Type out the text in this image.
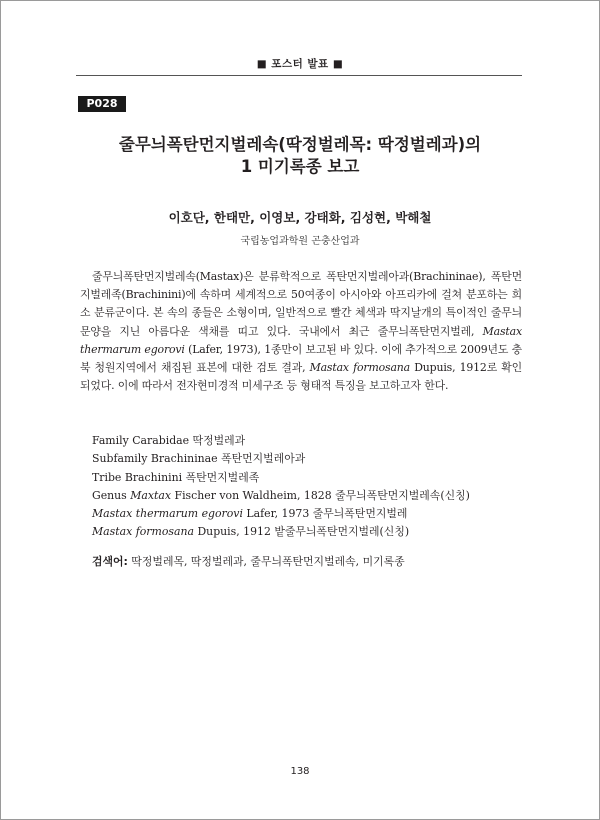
■ 포스터 발표 ■
P028
줄무늬폭탄먼지벌레속(딱정벌레목: 딱정벌레과)의
1 미기록종 보고
이호단, 한태만, 이영보, 강태화, 김성현, 박해철
국립농업과학원 곤충산업과

줄무늬폭탄먼지벌레속(Mastax)은 분류학적으로 폭탄먼지벌레아과(Brachininae), 폭탄먼지벌레족(Brachinini)에 속하며 세계적으로 50여종이 아시아와 아프리카에 걸쳐 분포하는 희소 분류군이다. 본 속의 종들은 소형이며, 일반적으로 빨간 체색과 딱지날개의 특이적인 줄무늬 문양을 지닌 아름다운 색채를 띠고 있다. 국내에서 최근 줄무늬폭탄먼지벌레, Mastax thermarum egorovi (Lafer, 1973), 1종만이 보고된 바 있다. 이에 추가적으로 2009년도 충북 청원지역에서 채집된 표본에 대한 검토 결과, Mastax formosana Dupuis, 1912로 확인되었다. 이에 따라서 전자현미경적 미세구조 등 형태적 특징을 보고하고자 한다.

Family Carabidae 딱정벌레과
Subfamily Brachininae 폭탄먼지벌레아과
Tribe Brachinini 폭탄먼지벌레족
Genus Maxtax Fischer von Waldheim, 1828 줄무늬폭탄먼지벌레속(신칭)
Mastax thermarum egorovi Lafer, 1973 줄무늬폭탄먼지벌레
Mastax formosana Dupuis, 1912 밭줄무늬폭탄먼지벌레(신칭)
검색어: 딱정벌레목, 딱정벌레과, 줄무늬폭탄먼지벌레속, 미기록종
138
